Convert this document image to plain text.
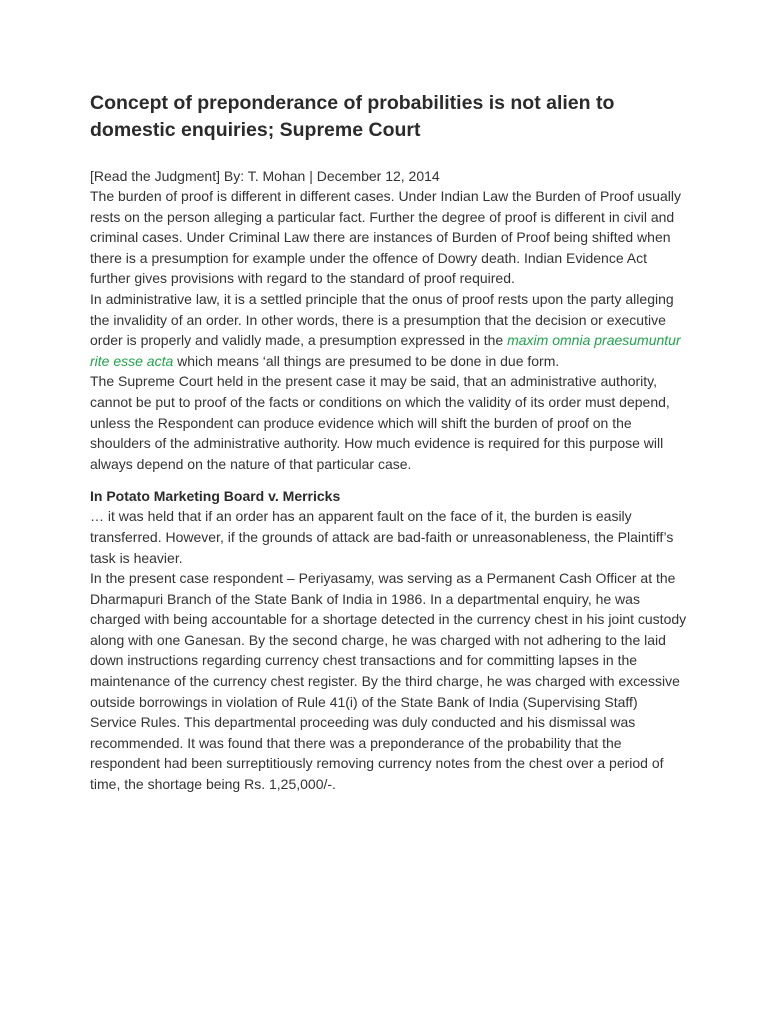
Concept of preponderance of probabilities is not alien to domestic enquiries; Supreme Court
[Read the Judgment] By: T. Mohan | December 12, 2014

The burden of proof is different in different cases. Under Indian Law the Burden of Proof usually rests on the person alleging a particular fact. Further the degree of proof is different in civil and criminal cases. Under Criminal Law there are instances of Burden of Proof being shifted when there is a presumption for example under the offence of Dowry death. Indian Evidence Act further gives provisions with regard to the standard of proof required.

In administrative law, it is a settled principle that the onus of proof rests upon the party alleging the invalidity of an order. In other words, there is a presumption that the decision or executive order is properly and validly made, a presumption expressed in the maxim omnia praesumuntur rite esse acta which means ‘all things are presumed to be done in due form.

The Supreme Court held in the present case it may be said, that an administrative authority, cannot be put to proof of the facts or conditions on which the validity of its order must depend, unless the Respondent can produce evidence which will shift the burden of proof on the shoulders of the administrative authority. How much evidence is required for this purpose will always depend on the nature of that particular case.

In Potato Marketing Board v. Merricks

… it was held that if an order has an apparent fault on the face of it, the burden is easily transferred. However, if the grounds of attack are bad-faith or unreasonableness, the Plaintiff’s task is heavier.

In the present case respondent – Periyasamy, was serving as a Permanent Cash Officer at the Dharmapuri Branch of the State Bank of India in 1986. In a departmental enquiry, he was charged with being accountable for a shortage detected in the currency chest in his joint custody along with one Ganesan. By the second charge, he was charged with not adhering to the laid down instructions regarding currency chest transactions and for committing lapses in the maintenance of the currency chest register. By the third charge, he was charged with excessive outside borrowings in violation of Rule 41(i) of the State Bank of India (Supervising Staff) Service Rules. This departmental proceeding was duly conducted and his dismissal was recommended. It was found that there was a preponderance of the probability that the respondent had been surreptitiously removing currency notes from the chest over a period of time, the shortage being Rs. 1,25,000/-.
